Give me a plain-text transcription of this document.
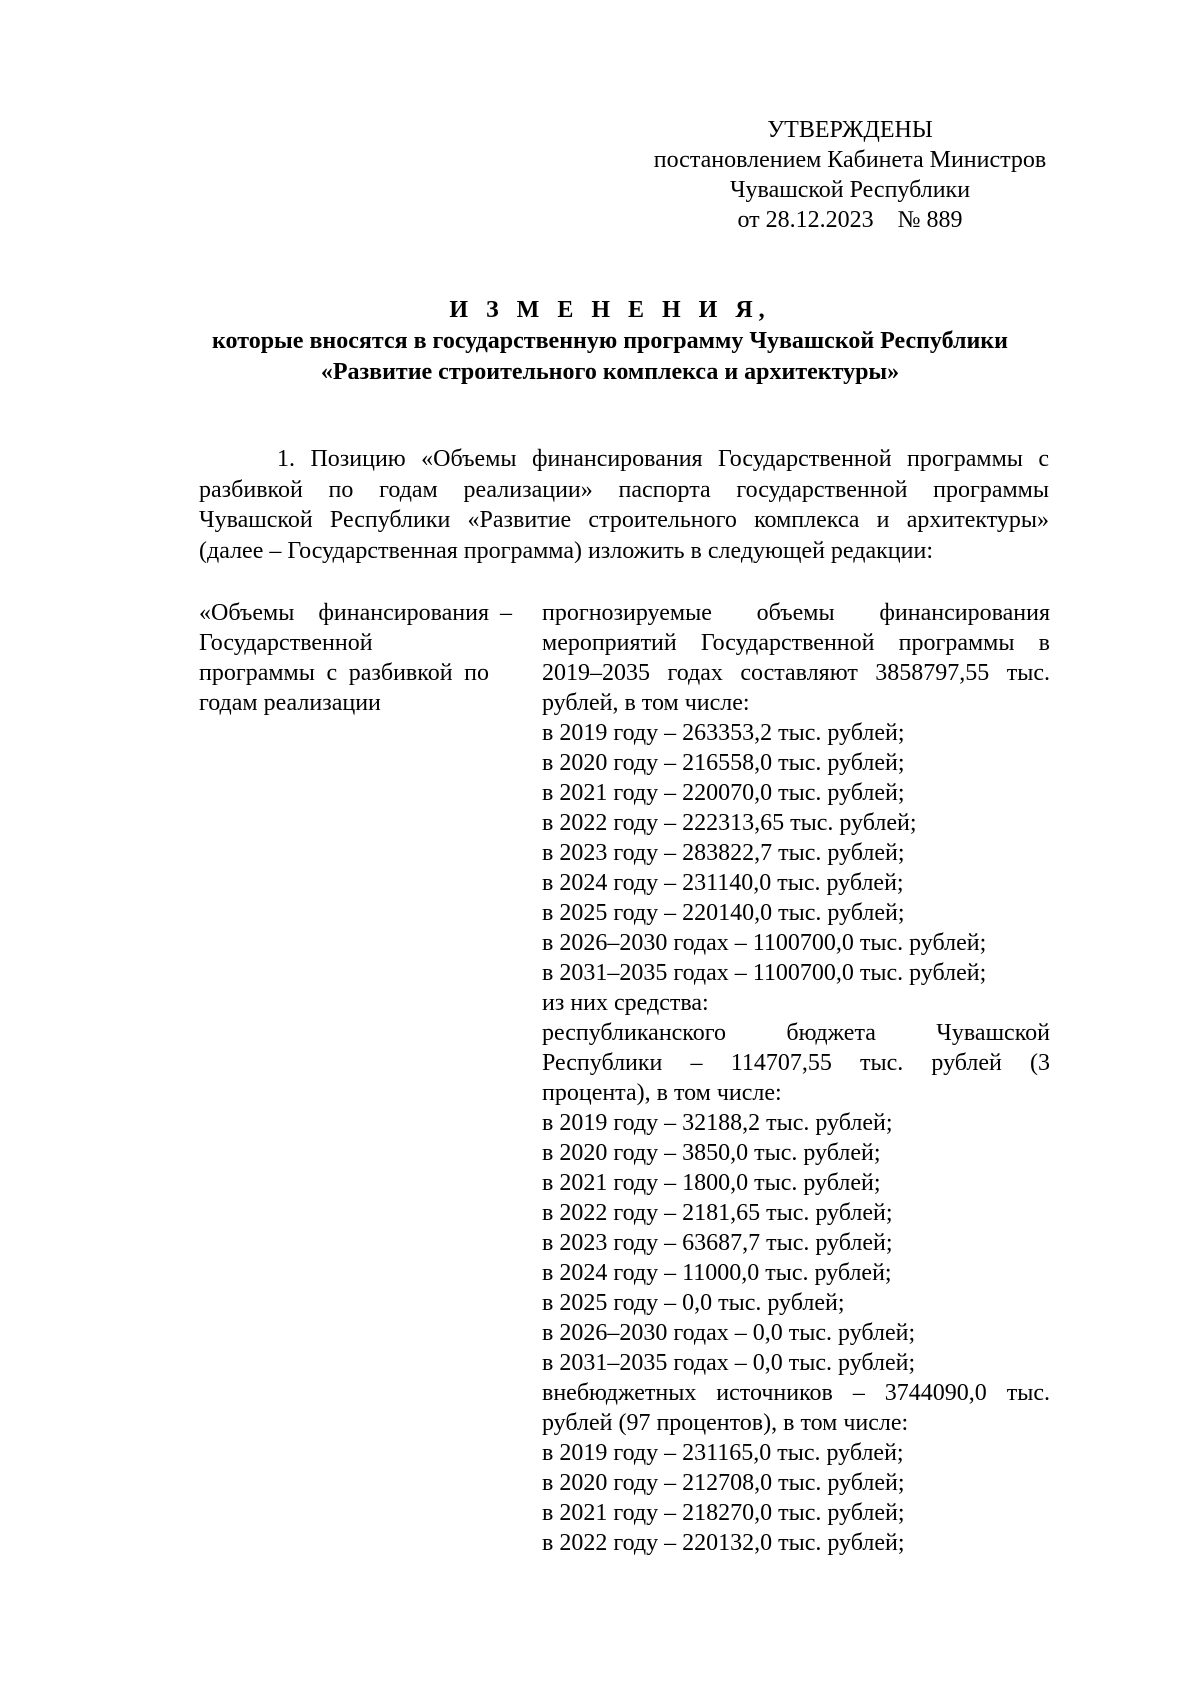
УТВЕРЖДЕНЫ
постановлением Кабинета Министров
Чувашской Республики
от 28.12.2023    № 889
И З М Е Н Е Н И Я,
которые вносятся в государственную программу Чувашской Республики
«Развитие строительного комплекса и архитектуры»

1. Позицию «Объемы финансирования Государственной программы с разбивкой по годам реализации» паспорта государственной программы Чувашской Республики «Развитие строительного комплекса и архитектуры» (далее – Государственная программа) изложить в следующей редакции:

«Объемы финансирования Государственной программы с разбивкой по годам реализации
– прогнозируемые объемы финансирования мероприятий Государственной программы в 2019–2035 годах составляют 3858797,55 тыс. рублей, в том числе:

в 2019 году – 263353,2 тыс. рублей;

в 2020 году – 216558,0 тыс. рублей;

в 2021 году – 220070,0 тыс. рублей;

в 2022 году – 222313,65 тыс. рублей;

в 2023 году – 283822,7 тыс. рублей;

в 2024 году – 231140,0 тыс. рублей;

в 2025 году – 220140,0 тыс. рублей;

в 2026–2030 годах – 1100700,0 тыс. рублей;

в 2031–2035 годах – 1100700,0 тыс. рублей;

из них средства:

республиканского бюджета Чувашской Республики – 114707,55 тыс. рублей (3 процента), в том числе:

в 2019 году – 32188,2 тыс. рублей;

в 2020 году – 3850,0 тыс. рублей;

в 2021 году – 1800,0 тыс. рублей;

в 2022 году – 2181,65 тыс. рублей;

в 2023 году – 63687,7 тыс. рублей;

в 2024 году – 11000,0 тыс. рублей;

в 2025 году – 0,0 тыс. рублей;

в 2026–2030 годах – 0,0 тыс. рублей;

в 2031–2035 годах – 0,0 тыс. рублей;

внебюджетных источников – 3744090,0 тыс. рублей (97 процентов), в том числе:

в 2019 году – 231165,0 тыс. рублей;

в 2020 году – 212708,0 тыс. рублей;

в 2021 году – 218270,0 тыс. рублей;

в 2022 году – 220132,0 тыс. рублей;
